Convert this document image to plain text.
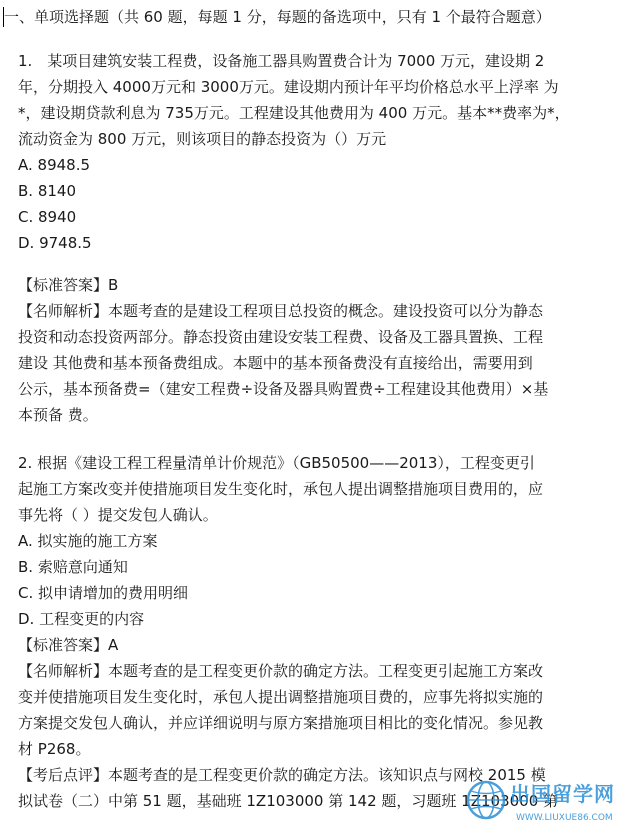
一、单项选择题（共 60 题，每题 1 分，每题的备选项中，只有 1 个最符合题意）
1.　某项目建筑安装工程费，设备施工器具购置费合计为 7000 万元，建设期 2
年，分期投入 4000万元和 3000万元。建设期内预计年平均价格总水平上浮率 为
*，建设期贷款利息为 735万元。工程建设其他费用为 400 万元。基本**费率为*，
流动资金为 800 万元，则该项目的静态投资为（）万元
A. 8948.5
B. 8140
C. 8940
D. 9748.5
【标准答案】B
【名师解析】本题考查的是建设工程项目总投资的概念。建设投资可以分为静态
投资和动态投资两部分。静态投资由建设安装工程费、设备及工器具置换、工程
建设 其他费和基本预备费组成。本题中的基本预备费没有直接给出，需要用到
公示，基本预备费=（建安工程费÷设备及器具购置费÷工程建设其他费用）×基
本预备 费。
2. 根据《建设工程工程量清单计价规范》（GB50500——2013），工程变更引
起施工方案改变并使措施项目发生变化时，承包人提出调整措施项目费用的，应
事先将（ ）提交发包人确认。
A. 拟实施的施工方案
B. 索赔意向通知
C. 拟申请增加的费用明细
D. 工程变更的内容
【标准答案】A
【名师解析】本题考查的是工程变更价款的确定方法。工程变更引起施工方案改
变并使措施项目发生变化时，承包人提出调整措施项目费的，应事先将拟实施的
方案提交发包人确认，并应详细说明与原方案措施项目相比的变化情况。参见教
材 P268。
【考后点评】本题考查的是工程变更价款的确定方法。该知识点与网校 2015 模
拟试卷（二）中第 51 题，基础班 1Z103000 第 142 题，习题班 1Z103000 第
出国留学网
WWW.LIUXUE86.COM
